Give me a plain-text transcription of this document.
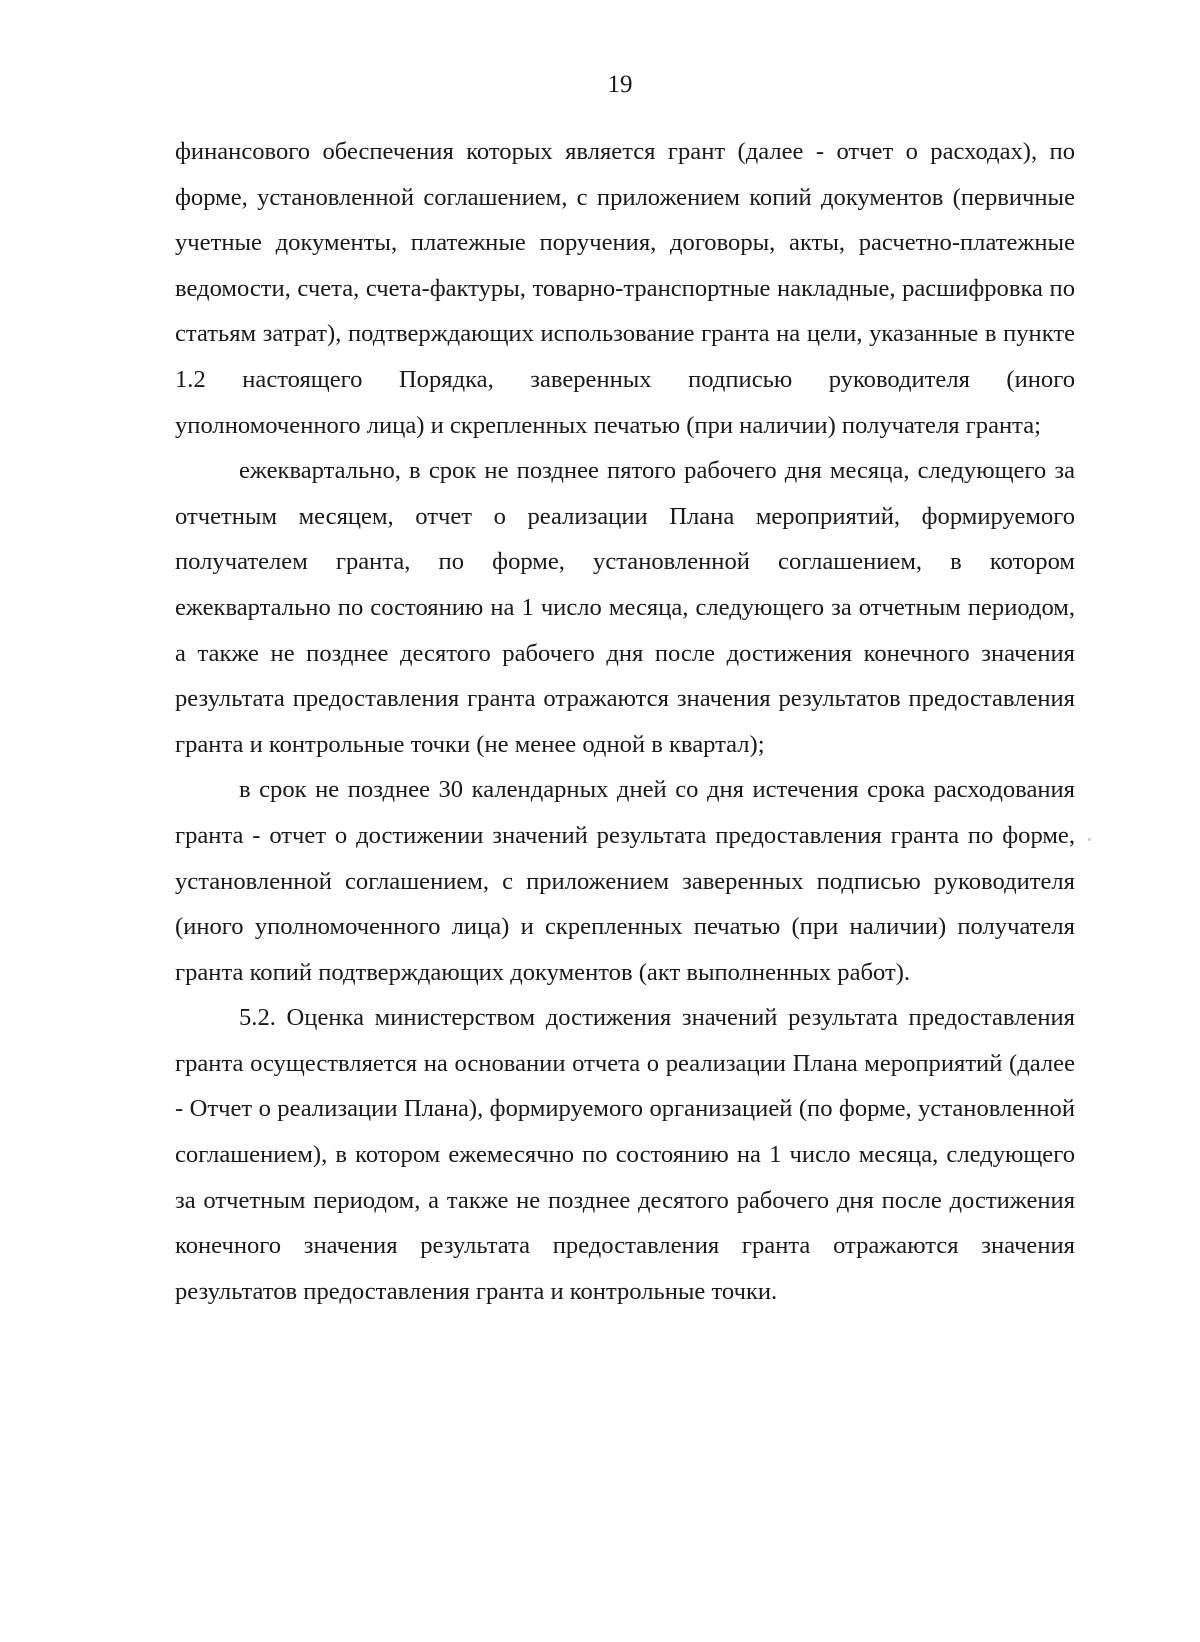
19

финансового обеспечения которых является грант (далее - отчет о расходах), по форме, установленной соглашением, с приложением копий документов (первичные учетные документы, платежные поручения, договоры, акты, расчетно-платежные ведомости, счета, счета-фактуры, товарно-транспортные накладные, расшифровка по статьям затрат), подтверждающих использование гранта на цели, указанные в пункте 1.2 настоящего Порядка, заверенных подписью руководителя (иного уполномоченного лица) и скрепленных печатью (при наличии) получателя гранта;

ежеквартально, в срок не позднее пятого рабочего дня месяца, следующего за отчетным месяцем, отчет о реализации Плана мероприятий, формируемого получателем гранта, по форме, установленной соглашением, в котором ежеквартально по состоянию на 1 число месяца, следующего за отчетным периодом, а также не позднее десятого рабочего дня после достижения конечного значения результата предоставления гранта отражаются значения результатов предоставления гранта и контрольные точки (не менее одной в квартал);

в срок не позднее 30 календарных дней со дня истечения срока расходования гранта - отчет о достижении значений результата предоставления гранта по форме, установленной соглашением, с приложением заверенных подписью руководителя (иного уполномоченного лица) и скрепленных печатью (при наличии) получателя гранта копий подтверждающих документов (акт выполненных работ).

5.2. Оценка министерством достижения значений результата предоставления гранта осуществляется на основании отчета о реализации Плана мероприятий (далее - Отчет о реализации Плана), формируемого организацией (по форме, установленной соглашением), в котором ежемесячно по состоянию на 1 число месяца, следующего за отчетным периодом, а также не позднее десятого рабочего дня после достижения конечного значения результата предоставления гранта отражаются значения результатов предоставления гранта и контрольные точки.
